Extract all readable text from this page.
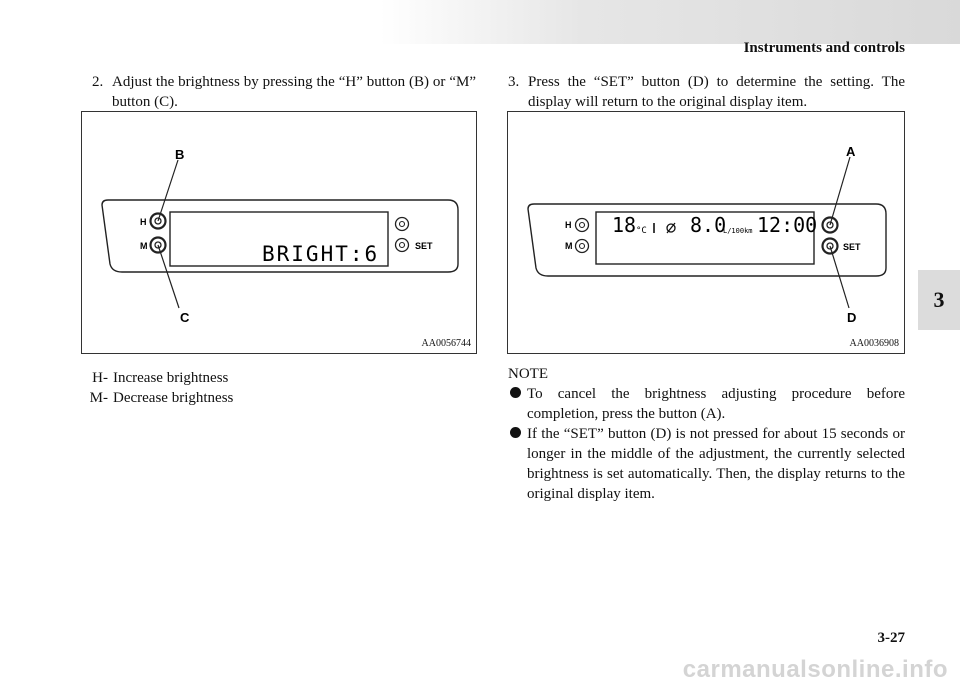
Instruments and controls
3
2. Adjust the brightness by pressing the “H” button (B) or “M” button (C).
H
M	SET
BRIGHT:6
B
C
AA0056744
H- Increase brightness
M- Decrease brightness
3. Press the “SET” button (D) to determine the setting. The display will return to the original display item.
H
M	SET
18 °C 8.0
L/100km 12:00
A
D
AA0036908
NOTE
To cancel the brightness adjusting procedure before completion, press the button (A).
If the “SET” button (D) is not pressed for about 15 seconds or longer in the middle of the adjustment, the currently selected brightness is set automatically. Then, the display returns to the original display item.
3-27
carmanualsonline.info
